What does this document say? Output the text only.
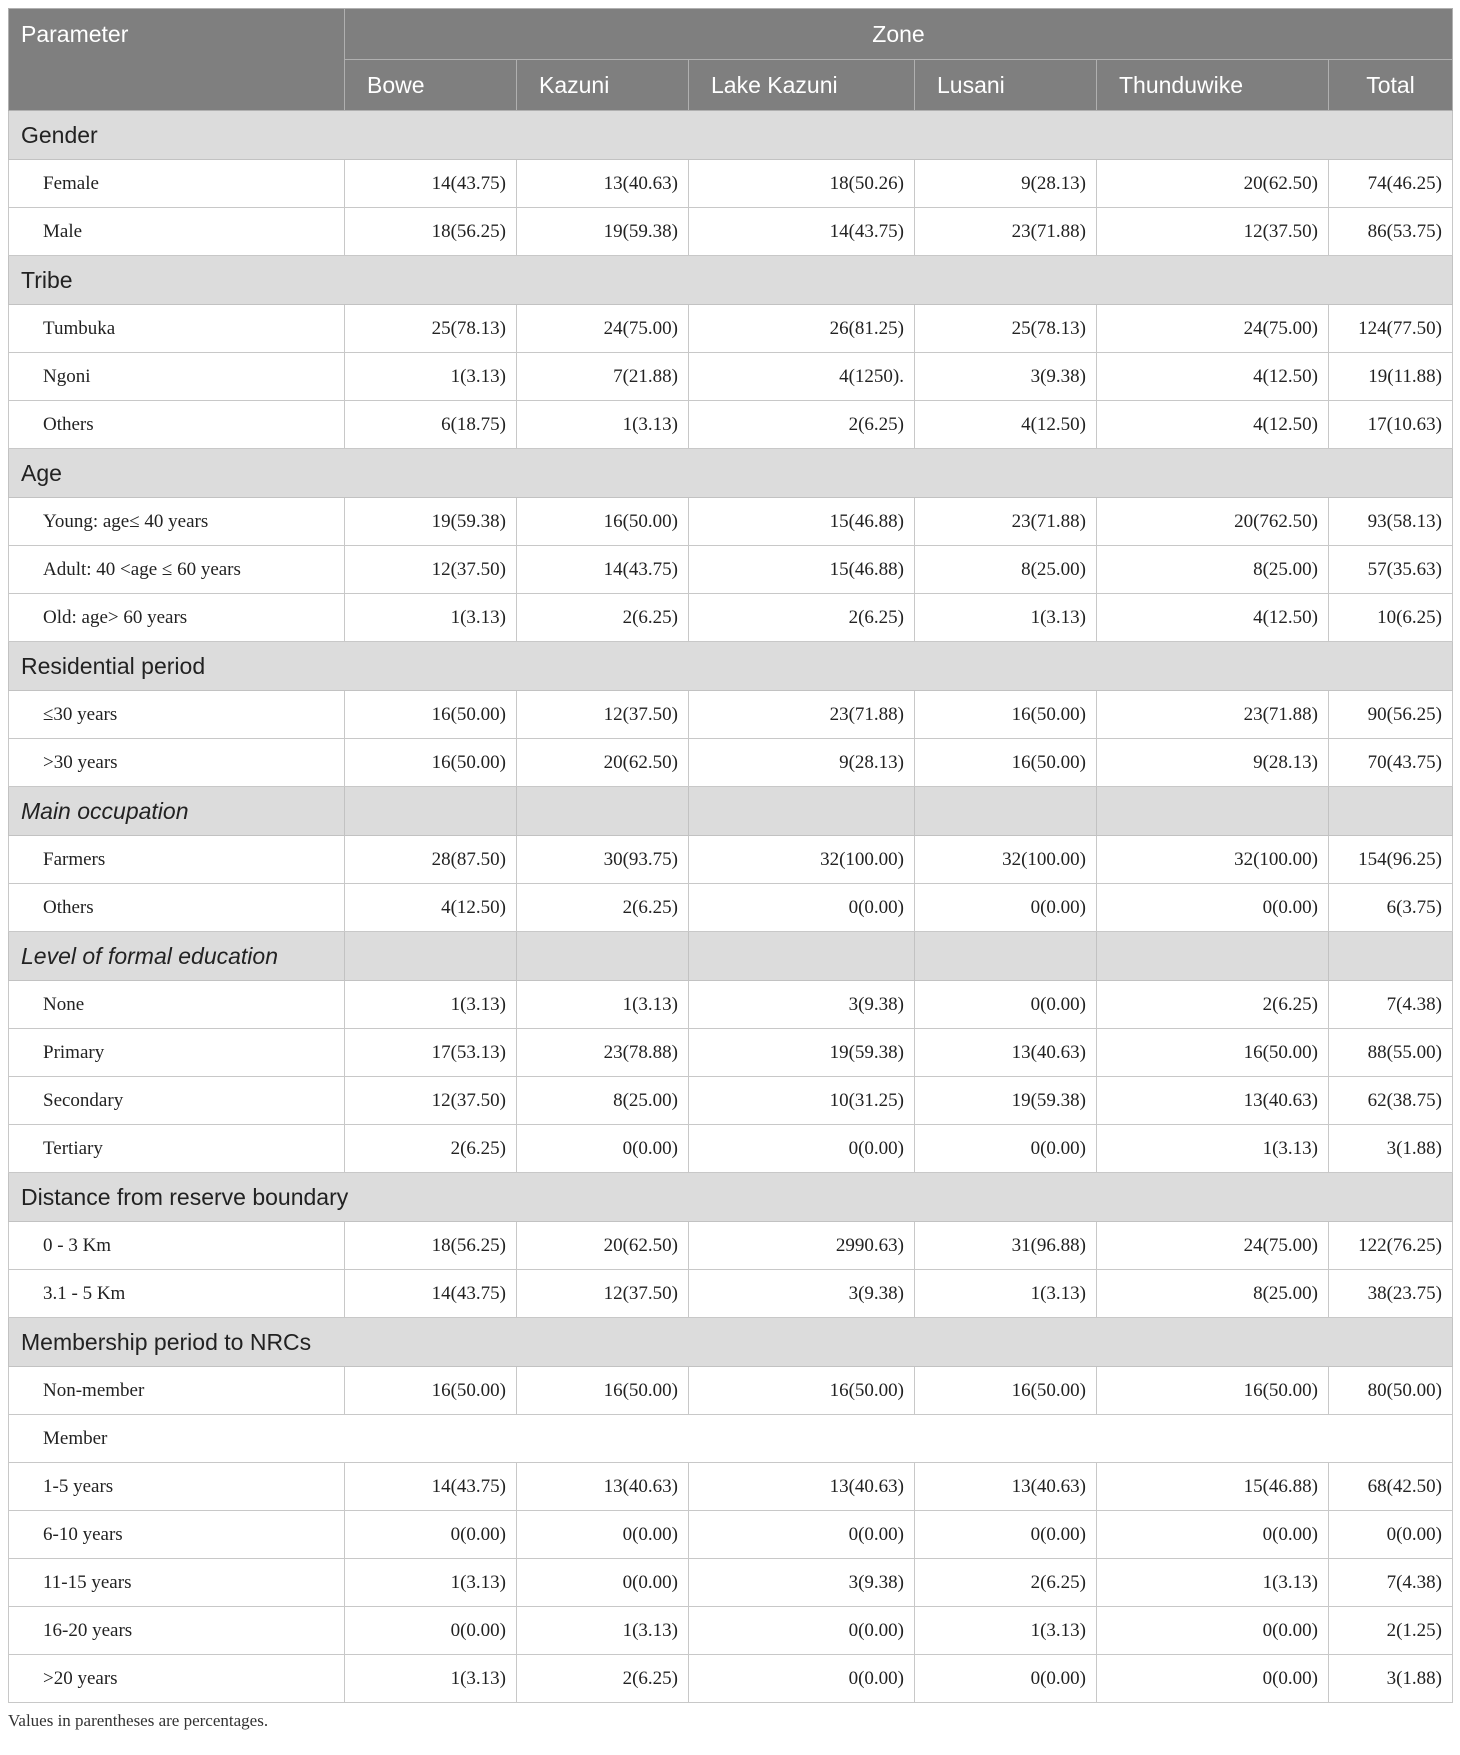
Parameter	Zone					
	Bowe	Kazuni	Lake Kazuni	Lusani	Thunduwike	Total
Gender						
Female	14(43.75)	13(40.63)	18(50.26)	9(28.13)	20(62.50)	74(46.25)
Male	18(56.25)	19(59.38)	14(43.75)	23(71.88)	12(37.50)	86(53.75)
Tribe						
Tumbuka	25(78.13)	24(75.00)	26(81.25)	25(78.13)	24(75.00)	124(77.50)
Ngoni	1(3.13)	7(21.88)	4(1250).	3(9.38)	4(12.50)	19(11.88)
Others	6(18.75)	1(3.13)	2(6.25)	4(12.50)	4(12.50)	17(10.63)
Age						
Young: age≤ 40 years	19(59.38)	16(50.00)	15(46.88)	23(71.88)	20(762.50)	93(58.13)
Adult: 40 <age ≤ 60 years	12(37.50)	14(43.75)	15(46.88)	8(25.00)	8(25.00)	57(35.63)
Old: age> 60 years	1(3.13)	2(6.25)	2(6.25)	1(3.13)	4(12.50)	10(6.25)
Residential period						
≤30 years	16(50.00)	12(37.50)	23(71.88)	16(50.00)	23(71.88)	90(56.25)
>30 years	16(50.00)	20(62.50)	9(28.13)	16(50.00)	9(28.13)	70(43.75)
Main occupation						
Farmers	28(87.50)	30(93.75)	32(100.00)	32(100.00)	32(100.00)	154(96.25)
Others	4(12.50)	2(6.25)	0(0.00)	0(0.00)	0(0.00)	6(3.75)
Level of formal education						
None	1(3.13)	1(3.13)	3(9.38)	0(0.00)	2(6.25)	7(4.38)
Primary	17(53.13)	23(78.88)	19(59.38)	13(40.63)	16(50.00)	88(55.00)
Secondary	12(37.50)	8(25.00)	10(31.25)	19(59.38)	13(40.63)	62(38.75)
Tertiary	2(6.25)	0(0.00)	0(0.00)	0(0.00)	1(3.13)	3(1.88)
Distance from reserve boundary						
0 - 3 Km	18(56.25)	20(62.50)	2990.63)	31(96.88)	24(75.00)	122(76.25)
3.1 - 5 Km	14(43.75)	12(37.50)	3(9.38)	1(3.13)	8(25.00)	38(23.75)
Membership period to NRCs						
Non-member	16(50.00)	16(50.00)	16(50.00)	16(50.00)	16(50.00)	80(50.00)
Member						
1-5 years	14(43.75)	13(40.63)	13(40.63)	13(40.63)	15(46.88)	68(42.50)
6-10 years	0(0.00)	0(0.00)	0(0.00)	0(0.00)	0(0.00)	0(0.00)
11-15 years	1(3.13)	0(0.00)	3(9.38)	2(6.25)	1(3.13)	7(4.38)
16-20 years	0(0.00)	1(3.13)	0(0.00)	1(3.13)	0(0.00)	2(1.25)
>20 years	1(3.13)	2(6.25)	0(0.00)	0(0.00)	0(0.00)	3(1.88)
Values in parentheses are percentages.
